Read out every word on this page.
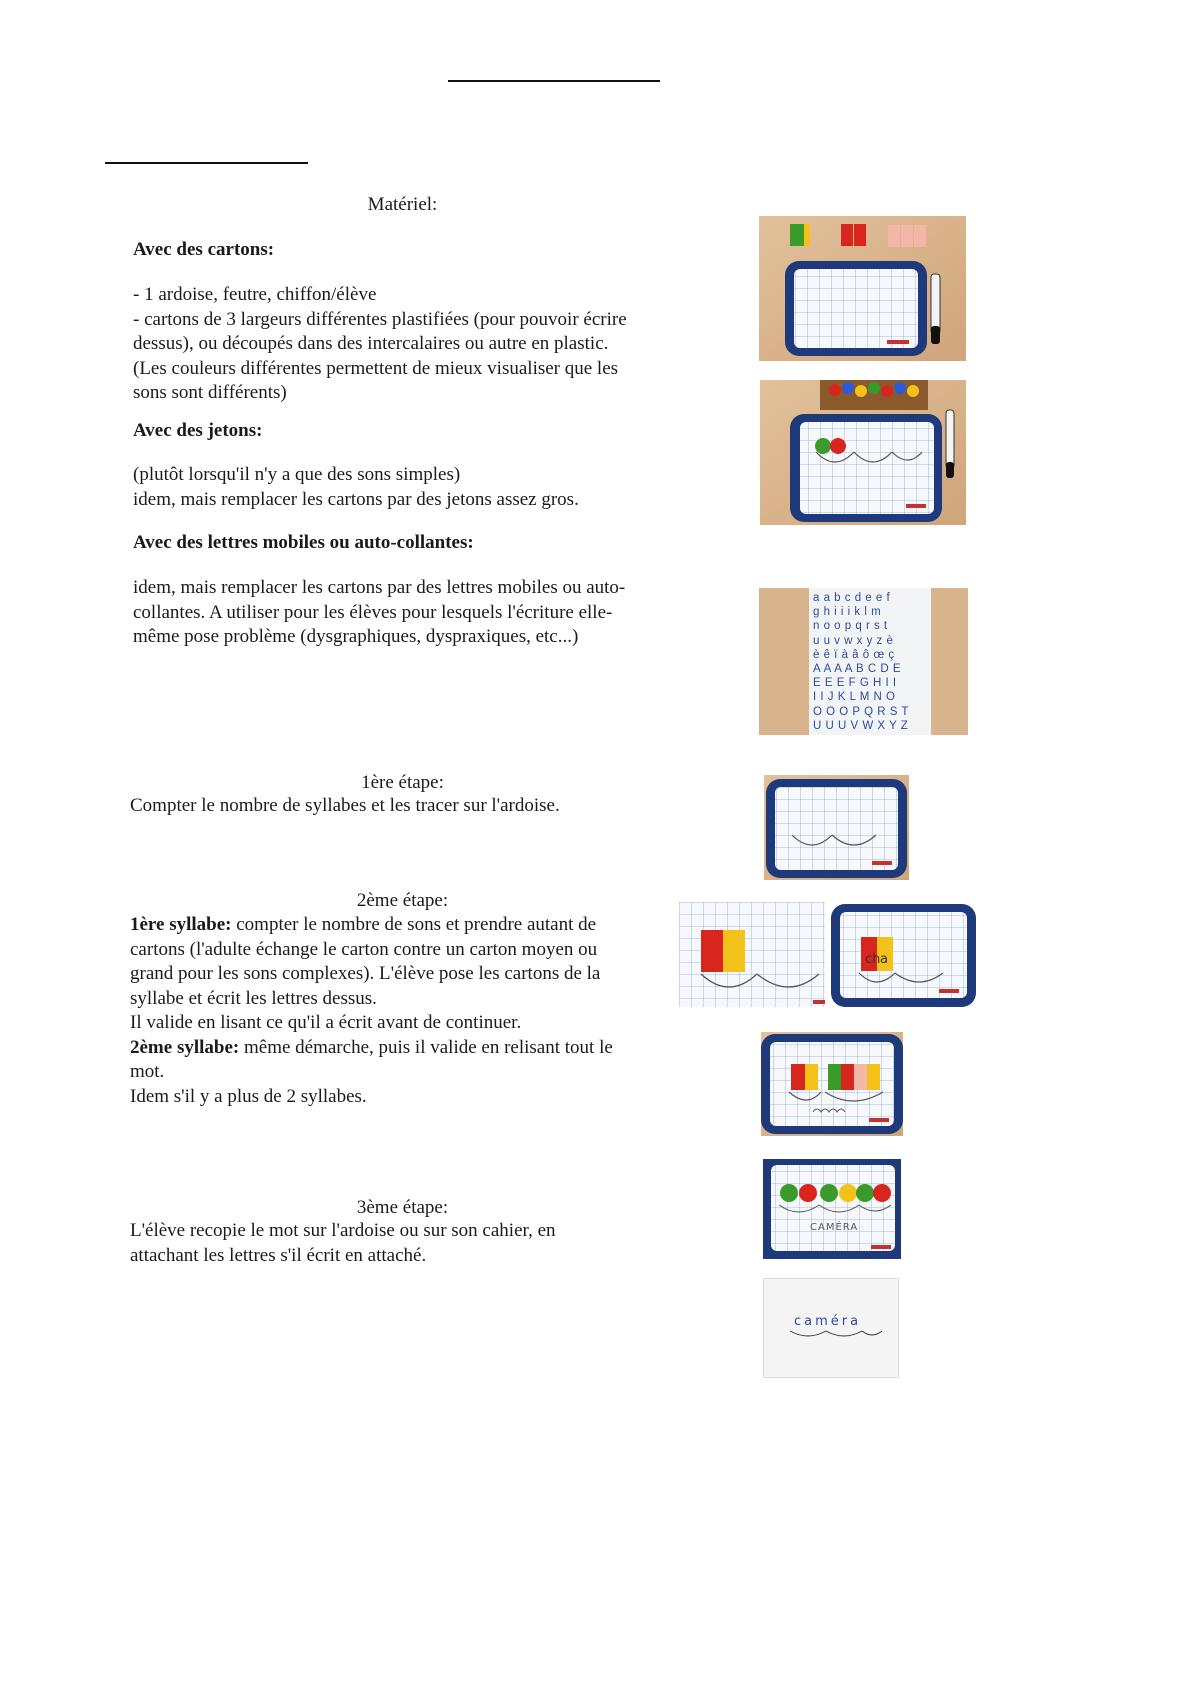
Matériel:
Avec des cartons:
- 1 ardoise, feutre, chiffon/élève
- cartons de 3 largeurs différentes plastifiées (pour pouvoir écrire
dessus), ou découpés dans des intercalaires ou autre en plastic.
(Les couleurs différentes permettent de mieux visualiser que les
sons sont différents)
Avec des jetons:
(plutôt lorsqu'il n'y a que des sons simples)
idem, mais remplacer les cartons par des jetons assez gros.
Avec des lettres mobiles ou auto-collantes:
idem, mais remplacer les cartons par des lettres mobiles ou auto-
collantes. A utiliser pour les élèves pour lesquels l'écriture elle-
même pose problème (dysgraphiques, dyspraxiques, etc...)
1ère étape:
Compter le nombre de syllabes et les tracer sur l'ardoise.
2ème étape:
1ère syllabe: compter le nombre de sons et prendre autant de
cartons (l'adulte échange le carton contre un carton moyen ou
grand pour les sons complexes). L'élève pose les cartons de la
syllabe et écrit les lettres dessus.
Il valide en lisant ce qu'il a écrit avant de continuer.
2ème syllabe: même démarche, puis il valide en relisant tout le
mot.
Idem s'il y a plus de 2 syllabes.
3ème étape:
L'élève recopie le mot sur l'ardoise ou sur son cahier, en
attachant les lettres s'il écrit en attaché.
a a b c d e e f
g h i i i k l m
n o o p q r s t
u u v w x y z è
è ê ï à â ô œ ç
A A A A B C D E
E E E F G H I I
I I J K L M N O
O O O P Q R S T
U U U V W X Y Z
ch a
CAMÉRA
caméra
